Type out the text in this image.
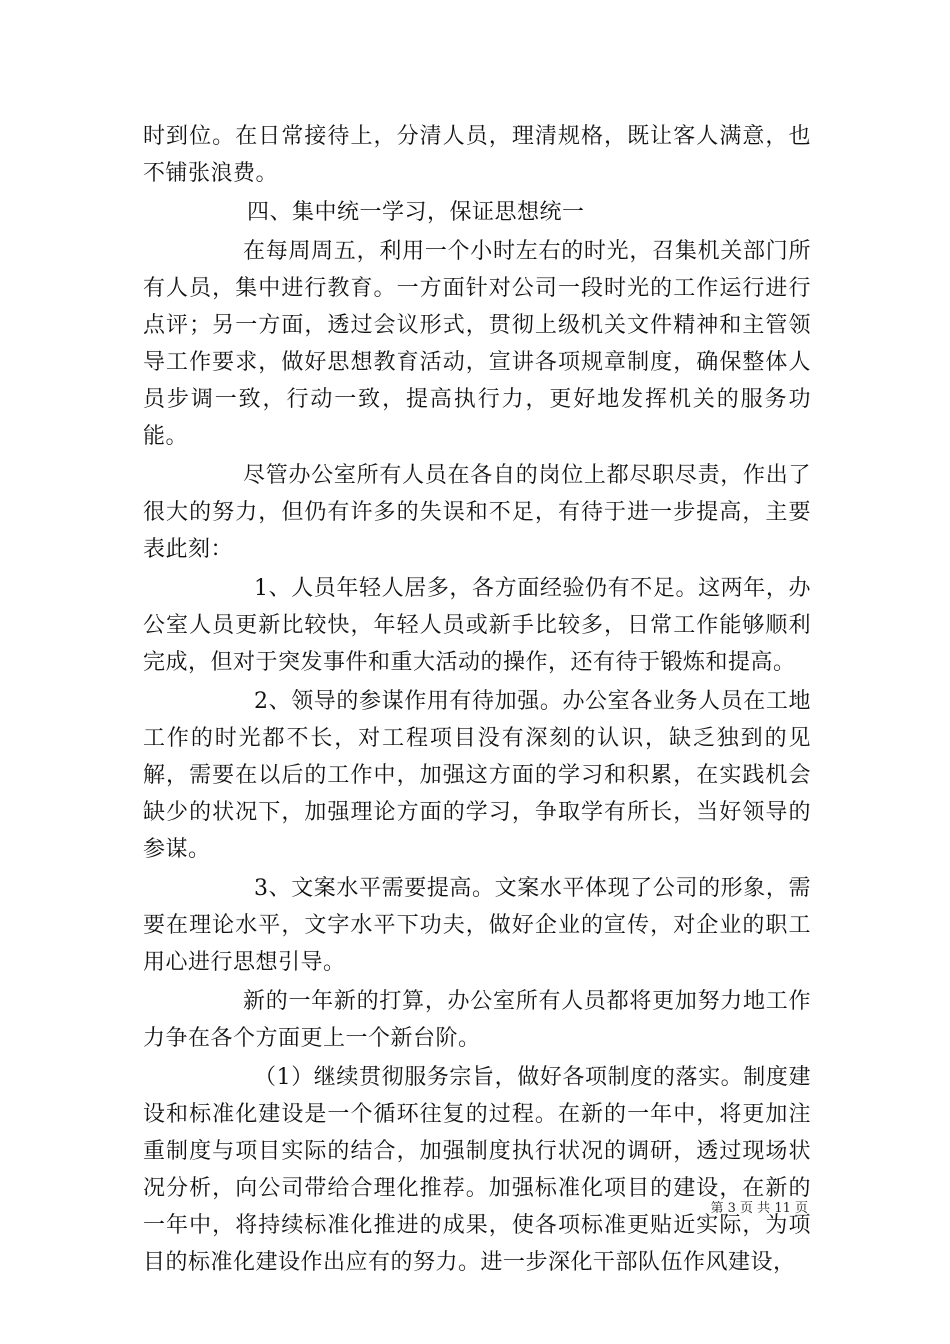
时到位。在日常接待上，分清人员，理清规格，既让客人满意，也不铺张浪费。

四、集中统一学习，保证思想统一

在每周周五，利用一个小时左右的时光，召集机关部门所有人员，集中进行教育。一方面针对公司一段时光的工作运行进行点评；另一方面，透过会议形式，贯彻上级机关文件精神和主管领导工作要求，做好思想教育活动，宣讲各项规章制度，确保整体人员步调一致，行动一致，提高执行力，更好地发挥机关的服务功能。

尽管办公室所有人员在各自的岗位上都尽职尽责，作出了很大的努力，但仍有许多的失误和不足，有待于进一步提高，主要表此刻：

1、人员年轻人居多，各方面经验仍有不足。这两年，办公室人员更新比较快，年轻人员或新手比较多，日常工作能够顺利完成，但对于突发事件和重大活动的操作，还有待于锻炼和提高。

2、领导的参谋作用有待加强。办公室各业务人员在工地工作的时光都不长，对工程项目没有深刻的认识，缺乏独到的见解，需要在以后的工作中，加强这方面的学习和积累，在实践机会缺少的状况下，加强理论方面的学习，争取学有所长，当好领导的参谋。

3、文案水平需要提高。文案水平体现了公司的形象，需要在理论水平，文字水平下功夫，做好企业的宣传，对企业的职工用心进行思想引导。

新的一年新的打算，办公室所有人员都将更加努力地工作力争在各个方面更上一个新台阶。

（1）继续贯彻服务宗旨，做好各项制度的落实。制度建设和标准化建设是一个循环往复的过程。在新的一年中，将更加注重制度与项目实际的结合，加强制度执行状况的调研，透过现场状况分析，向公司带给合理化推荐。加强标准化项目的建设，在新的一年中，将持续标准化推进的成果，使各项标准更贴近实际，为项目的标准化建设作出应有的努力。进一步深化干部队伍作风建设，

第 3 页 共 11 页
